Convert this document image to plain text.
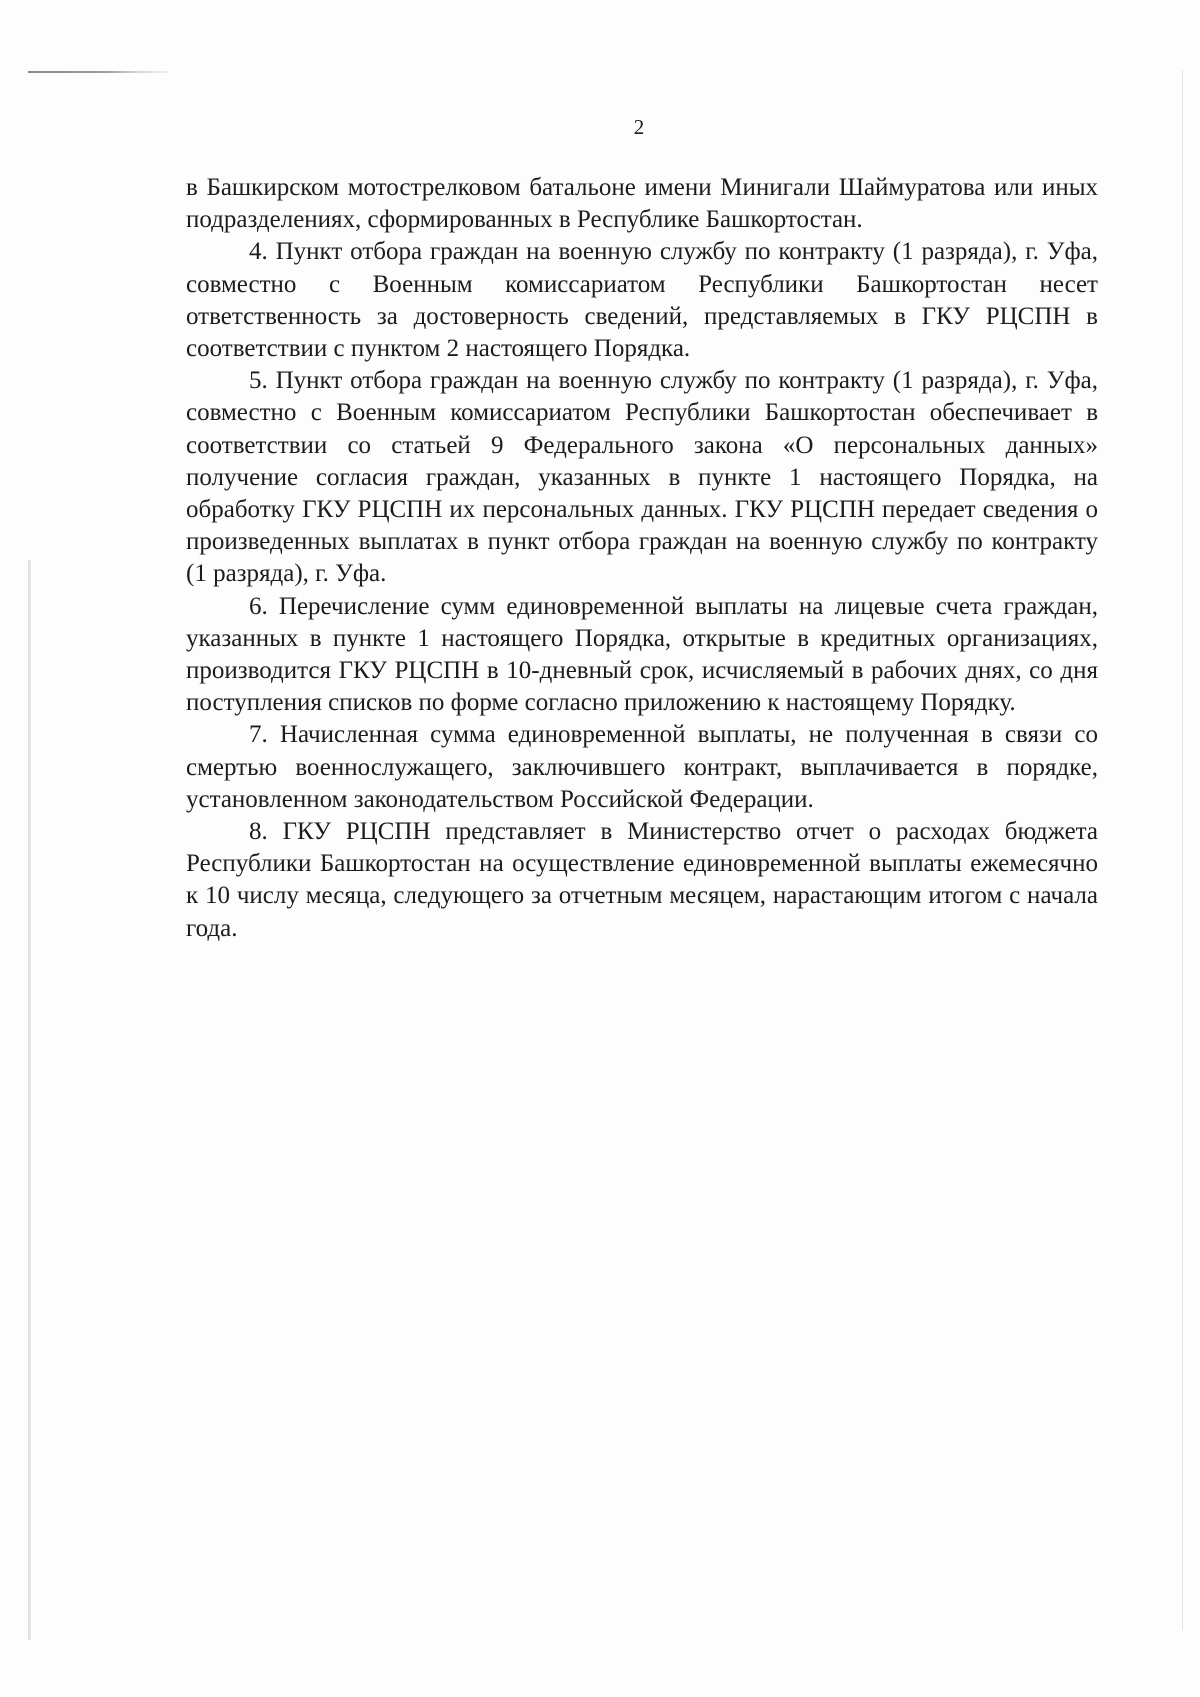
2

в Башкирском мотострелковом батальоне имени Минигали Шаймуратова или иных подразделениях, сформированных в Республике Башкортостан.

4. Пункт отбора граждан на военную службу по контракту (1 разряда), г. Уфа, совместно с Военным комиссариатом Республики Башкортостан несет ответственность за достоверность сведений, представляемых в ГКУ РЦСПН в соответствии с пунктом 2 настоящего Порядка.

5. Пункт отбора граждан на военную службу по контракту (1 разряда), г. Уфа, совместно с Военным комиссариатом Республики Башкортостан обеспечивает в соответствии со статьей 9 Федерального закона «О персональных данных» получение согласия граждан, указанных в пункте 1 настоящего Порядка, на обработку ГКУ РЦСПН их персональных данных. ГКУ РЦСПН передает сведения о произведенных выплатах в пункт отбора граждан на военную службу по контракту (1 разряда), г. Уфа.

6. Перечисление сумм единовременной выплаты на лицевые счета граждан, указанных в пункте 1 настоящего Порядка, открытые в кредитных организациях, производится ГКУ РЦСПН в 10-дневный срок, исчисляемый в рабочих днях, со дня поступления списков по форме согласно приложению к настоящему Порядку.

7. Начисленная сумма единовременной выплаты, не полученная в связи со смертью военнослужащего, заключившего контракт, выплачивается в порядке, установленном законодательством Российской Федерации.

8. ГКУ РЦСПН представляет в Министерство отчет о расходах бюджета Республики Башкортостан на осуществление единовременной выплаты ежемесячно к 10 числу месяца, следующего за отчетным месяцем, нарастающим итогом с начала года.
